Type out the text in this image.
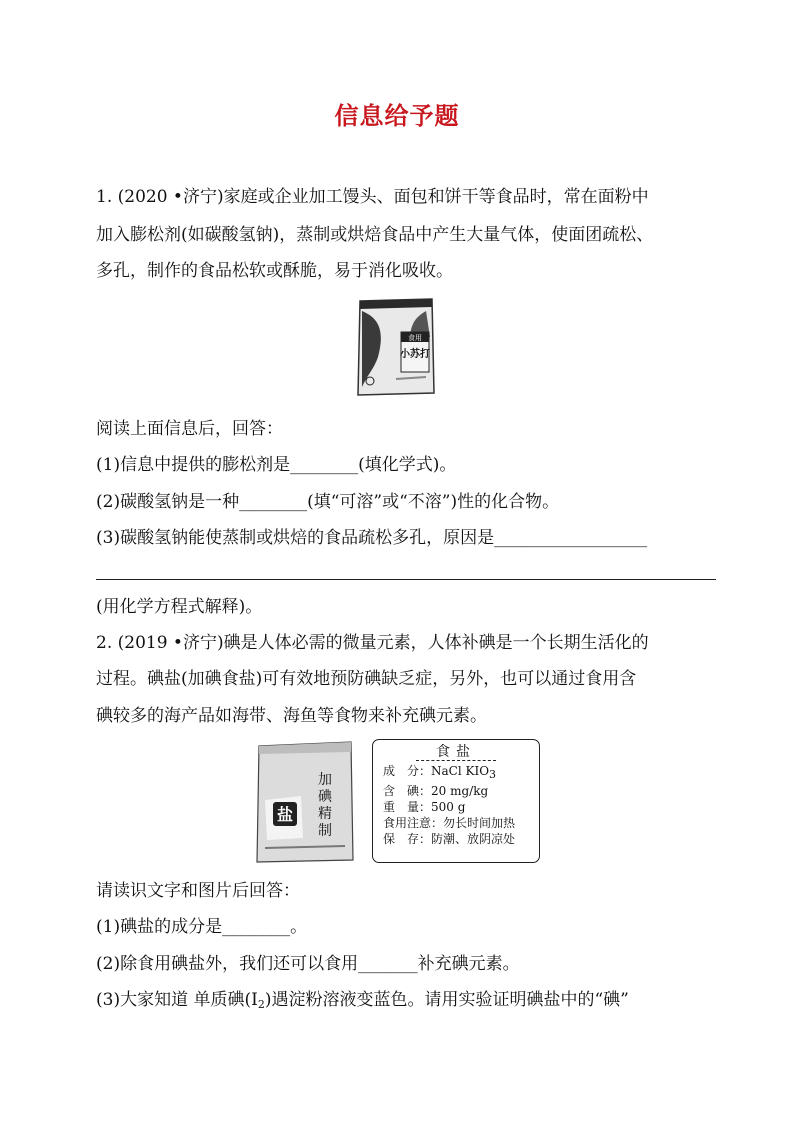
信息给予题
1. (2020 •济宁)家庭或企业加工馒头、面包和饼干等食品时，常在面粉中
加入膨松剂(如碳酸氢钠)，蒸制或烘焙食品中产生大量气体，使面团疏松、
多孔，制作的食品松软或酥脆，易于消化吸收。
食用
小苏打
阅读上面信息后，回答：
(1)信息中提供的膨松剂是________(填化学式)。
(2)碳酸氢钠是一种________(填“可溶”或“不溶”)性的化合物。
(3)碳酸氢钠能使蒸制或烘焙的食品疏松多孔，原因是__________________
(用化学方程式解释)。
2. (2019 •济宁)碘是人体必需的微量元素，人体补碘是一个长期生活化的
过程。碘盐(加碘食盐)可有效地预防碘缺乏症，另外，也可以通过食用含
碘较多的海产品如海带、海鱼等食物来补充碘元素。
盐
加
碘
精
制
食盐
成　分：NaCl KIO3
含　碘：20 mg/kg
重　量：500 g
食用注意：勿长时间加热
保　存：防潮、放阴凉处
请读识文字和图片后回答：
(1)碘盐的成分是________。
(2)除食用碘盐外，我们还可以食用_______补充碘元素。
(3)大家知道 单质碘$(I_2)$遇淀粉溶液变蓝色。请用实验证明碘盐中的“碘”
